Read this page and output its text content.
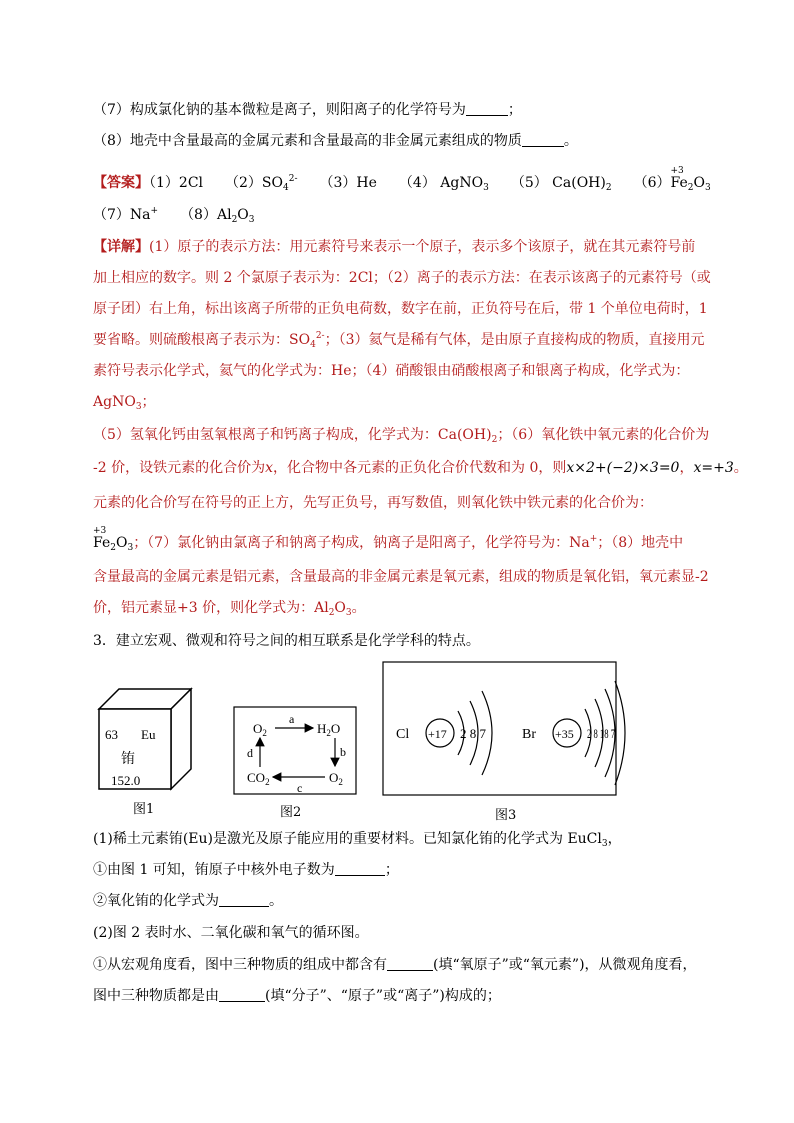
（7）构成氯化钠的基本微粒是离子，则阳离子的化学符号为	；
（8）地壳中含量最高的金属元素和含量最高的非金属元素组成的物质	。
【答案】（1）2Cl $(2)SO_4^{2-}$ （3）He （4） AgNO$_3$ （5） $Ca(OH)_2$ （6）
+3
$Fe_2O_3$
（7）Na+ $(8)Al_2O_3$
【详解】(1）原子的表示方法：用元素符号来表示一个原子，表示多个该原子，就在其元素符号前
加上相应的数字。则 2 个氯原子表示为：2Cl；（2）离子的表示方法：在表示该离子的元素符号（或
原子团）右上角，标出该离子所带的正负电荷数，数字在前，正负符号在后，带 1 个单位电荷时，1
要省略。则硫酸根离子表示为：$SO_4^{2-}$；（3）氦气是稀有气体，是由原子直接构成的物质，直接用元
素符号表示化学式，氦气的化学式为：He；（4）硝酸银由硝酸根离子和银离子构成，化学式为：
AgNO$_3$；
（5）氢氧化钙由氢氧根离子和钙离子构成，化学式为：$Ca(OH)_2$；（6）氧化铁中氧元素的化合价为
-2 价，设铁元素的化合价为x，化合物中各元素的正负化合价代数和为 0，则x×2+(−2)×3=0，x=+3。
元素的化合价写在符号的正上方，先写正负号，再写数值，则氧化铁中铁元素的化合价为：
+3
$Fe_2O_3$；（7）氯化钠由氯离子和钠离子构成，钠离子是阳离子，化学符号为：Na+；（8）地壳中
含量最高的金属元素是铝元素，含量最高的非金属元素是氧元素，组成的物质是氧化铝，氧元素显-2
价，铝元素显+3 价，则化学式为：$Al_2O_3$。
3．建立宏观、微观和符号之间的相互联系是化学学科的特点。
63 Eu
铕
152.0
图1
$O_2$	$H_2O$
$CO_2$	$O_2$
a
b
c
d
图2
Cl +17 2 8 7	Br +35 2 8 18 7
图3
(1)稀土元素铕(Eu)是激光及原子能应用的重要材料。已知氯化铕的化学式为 EuCl$_3$，
①由图 1 可知，铕原子中核外电子数为	；
②氧化铕的化学式为	。
(2)图 2 表时水、二氧化碳和氧气的循环图。
①从宏观角度看，图中三种物质的组成中都含有	(填“氧原子”或“氧元素”)，从微观角度看，
图中三种物质都是由	(填“分子”、“原子”或“离子”)构成的；
